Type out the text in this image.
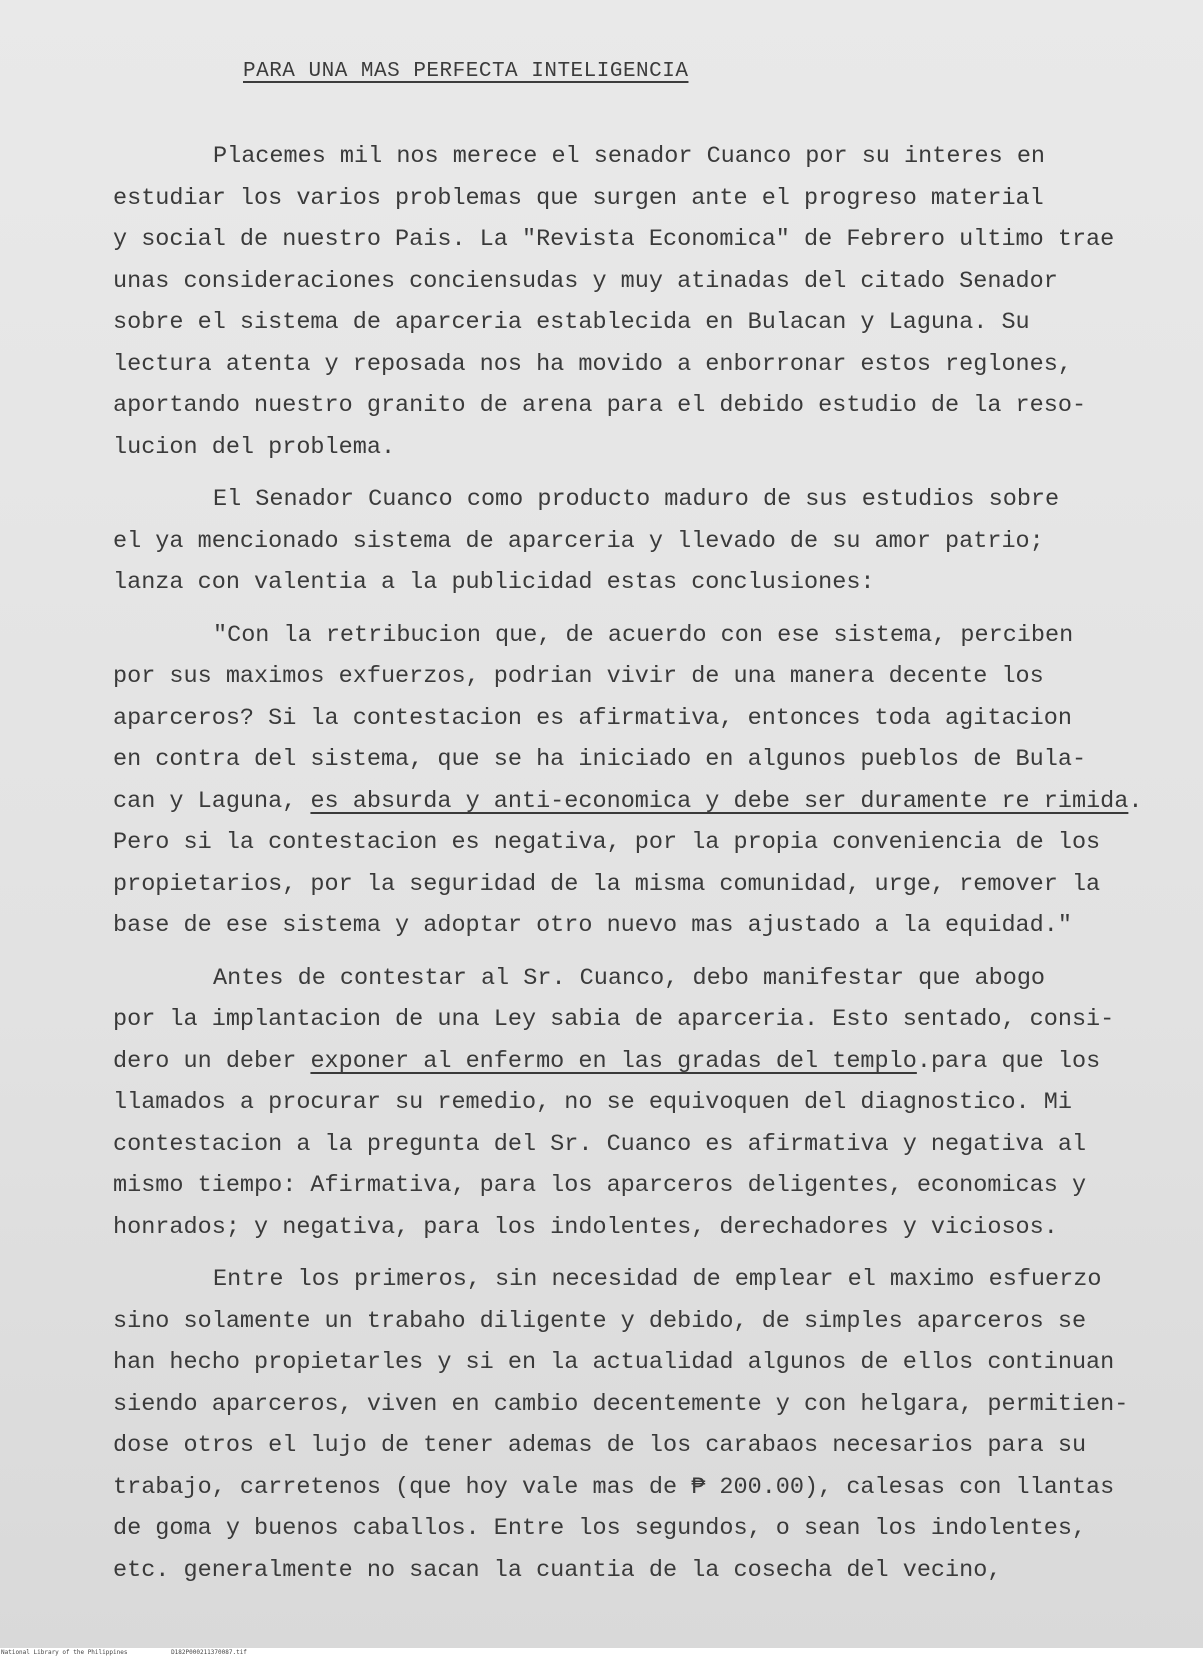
PARA UNA MAS PERFECTA INTELIGENCIA
Placemes mil nos merece el senador Cuanco por su interes en
estudiar los varios problemas que surgen ante el progreso material
y social de nuestro Pais. La "Revista Economica" de Febrero ultimo trae
unas consideraciones conciensudas y muy atinadas del citado Senador
sobre el sistema de aparceria establecida en Bulacan y Laguna. Su
lectura atenta y reposada nos ha movido a enborronar estos reglones,
aportando nuestro granito de arena para el debido estudio de la reso-
lucion del problema.
El Senador Cuanco como producto maduro de sus estudios sobre
el ya mencionado sistema de aparceria y llevado de su amor patrio;
lanza con valentia a la publicidad estas conclusiones:
"Con la retribucion que, de acuerdo con ese sistema, perciben
por sus maximos exfuerzos, podrian vivir de una manera decente los
aparceros? Si la contestacion es afirmativa, entonces toda agitacion
en contra del sistema, que se ha iniciado en algunos pueblos de Bula-
can y Laguna, es absurda y anti-economica y debe ser duramente re rimida.
Pero si la contestacion es negativa, por la propia conveniencia de los
propietarios, por la seguridad de la misma comunidad, urge, remover la
base de ese sistema y adoptar otro nuevo mas ajustado a la equidad."
Antes de contestar al Sr. Cuanco, debo manifestar que abogo
por la implantacion de una Ley sabia de aparceria. Esto sentado, consi-
dero un deber exponer al enfermo en las gradas del templo.para que los
llamados a procurar su remedio, no se equivoquen del diagnostico. Mi
contestacion a la pregunta del Sr. Cuanco es afirmativa y negativa al
mismo tiempo: Afirmativa, para los aparceros deligentes, economicas y
honrados; y negativa, para los indolentes, derechadores y viciosos.
Entre los primeros, sin necesidad de emplear el maximo esfuerzo
sino solamente un trabaho diligente y debido, de simples aparceros se
han hecho propietarles y si en la actualidad algunos de ellos continuan
siendo aparceros, viven en cambio decentemente y con helgara, permitien-
dose otros el lujo de tener ademas de los carabaos necesarios para su
trabajo, carretenos (que hoy vale mas de ₱ 200.00), calesas con llantas
de goma y buenos caballos. Entre los segundos, o sean los indolentes,
etc. generalmente no sacan la cuantia de la cosecha del vecino,
National Library of the Philippines	D182P000211370087.tif
